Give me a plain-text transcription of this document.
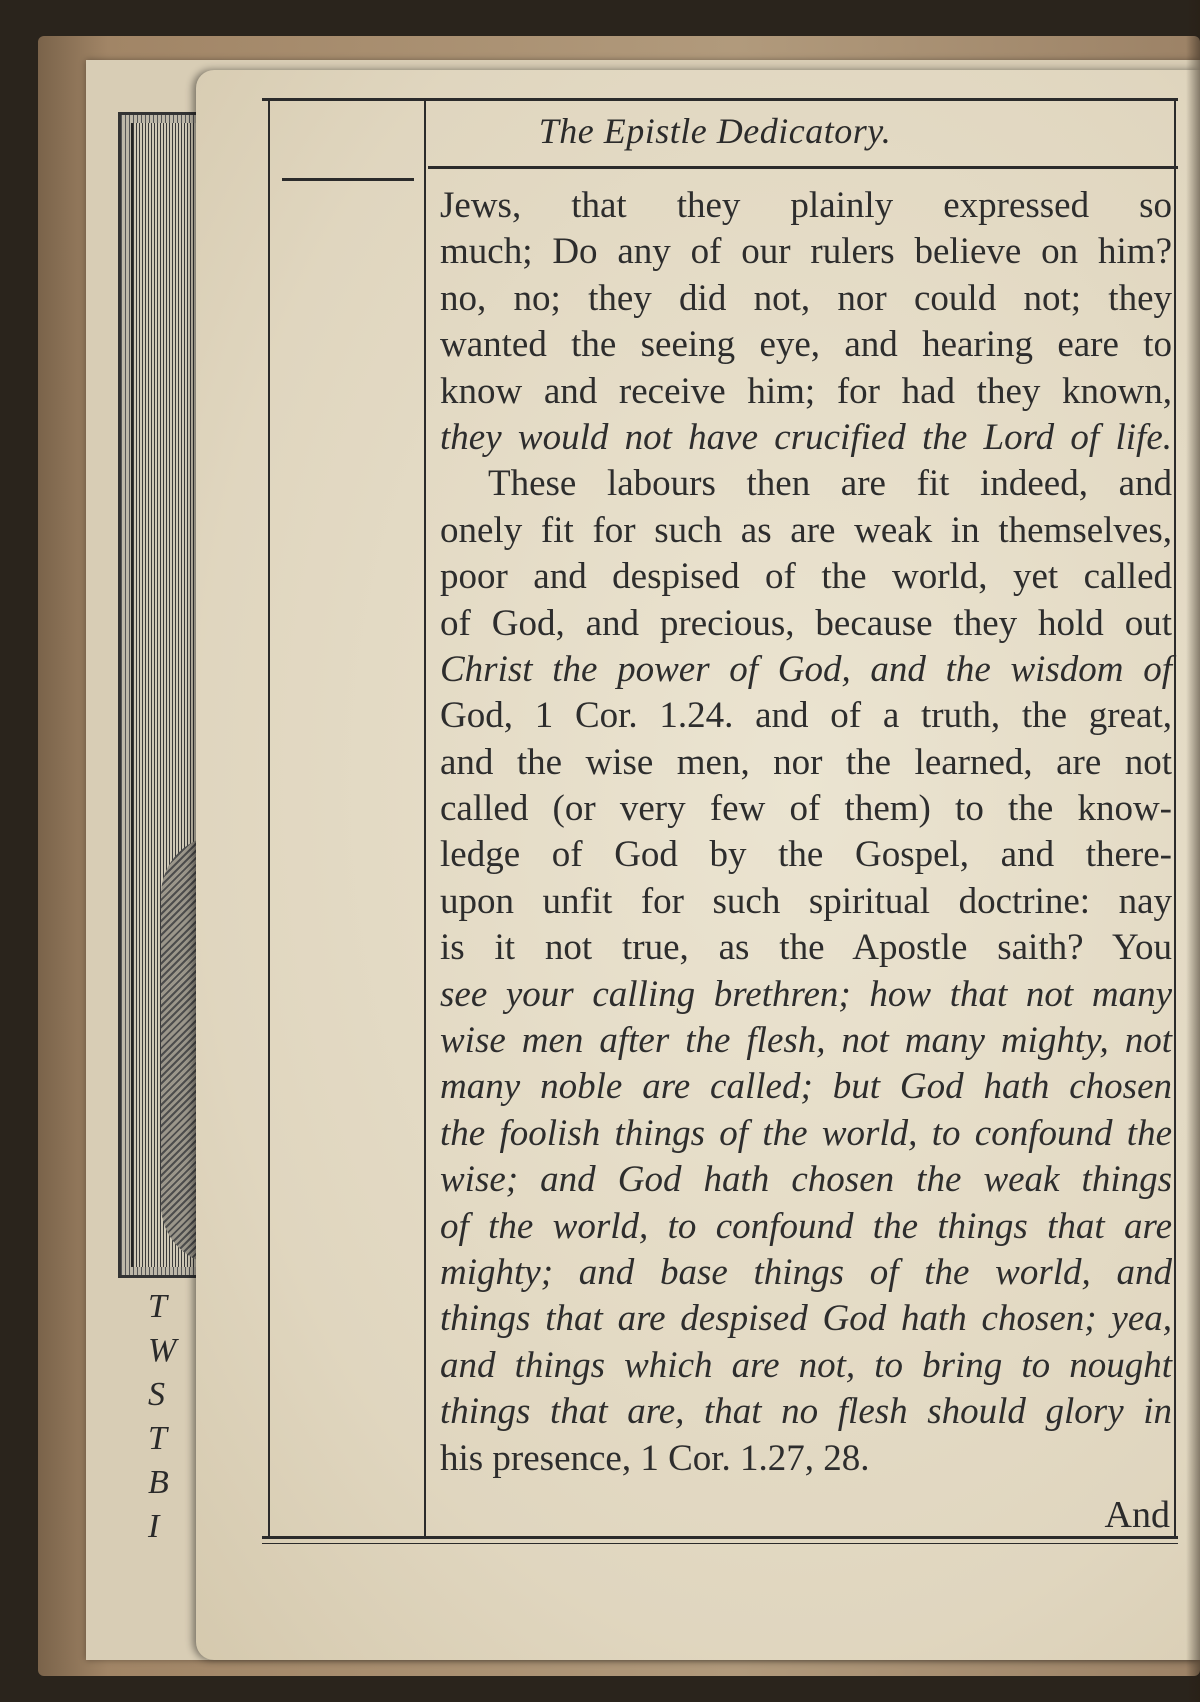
T
W
S
T
B
I
The Epistle Dedicatory.
Jews, that they plainly expressed so
much; Do any of our rulers believe on him?
no, no; they did not, nor could not; they
wanted the seeing eye, and hearing eare to
know and receive him; for had they known,
they would not have crucified the Lord of life.
These labours then are fit indeed, and
onely fit for such as are weak in themselves,
poor and despised of the world, yet called
of God, and precious, because they hold out
Christ the power of God, and the wisdom of
God, 1 Cor. 1.24. and of a truth, the great,
and the wise men, nor the learned, are not
called (or very few of them) to the know-
ledge of God by the Gospel, and there-
upon unfit for such spiritual doctrine: nay
is it not true, as the Apostle saith? You
see your calling brethren; how that not many
wise men after the flesh, not many mighty, not
many noble are called; but God hath chosen
the foolish things of the world, to confound the
wise; and God hath chosen the weak things
of the world, to confound the things that are
mighty; and base things of the world, and
things that are despised God hath chosen; yea,
and things which are not, to bring to nought
things that are, that no flesh should glory in
his presence, 1 Cor. 1.27, 28.
And
